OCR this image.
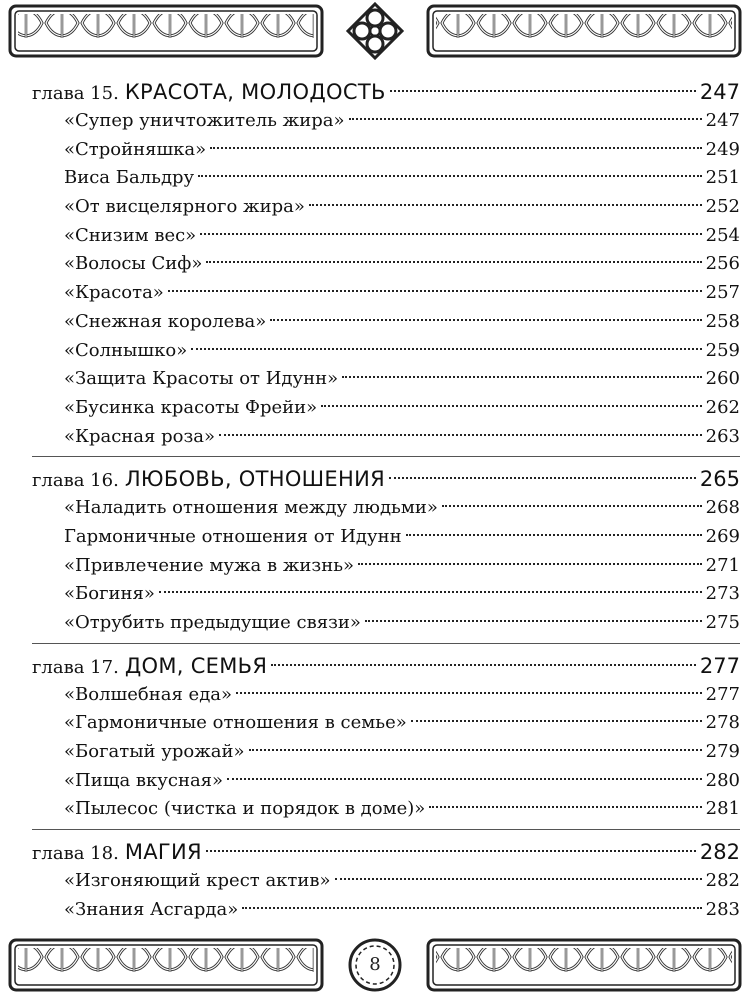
глава 15. КРАСОТА, МОЛОДОСТЬ	247
«Супер уничтожитель жира»	247
«Стройняшка»	249
Виса Бальдру	251
«От висцелярного жира»	252
«Снизим вес»	254
«Волосы Сиф»	256
«Красота»	257
«Снежная королева»	258
«Солнышко»	259
«Защита Красоты от Идунн»	260
«Бусинка красоты Фрейи»	262
«Красная роза»	263
глава 16. ЛЮБОВЬ, ОТНОШЕНИЯ	265
«Наладить отношения между людьми»	268
Гармоничные отношения от Идунн	269
«Привлечение мужа в жизнь»	271
«Богиня»	273
«Отрубить предыдущие связи»	275
глава 17. ДОМ, СЕМЬЯ	277
«Волшебная еда»	277
«Гармоничные отношения в семье»	278
«Богатый урожай»	279
«Пища вкусная»	280
«Пылесос (чистка и порядок в доме)»	281
глава 18. МАГИЯ	282
«Изгоняющий крест актив»	282
«Знания Асгарда»	283
8
